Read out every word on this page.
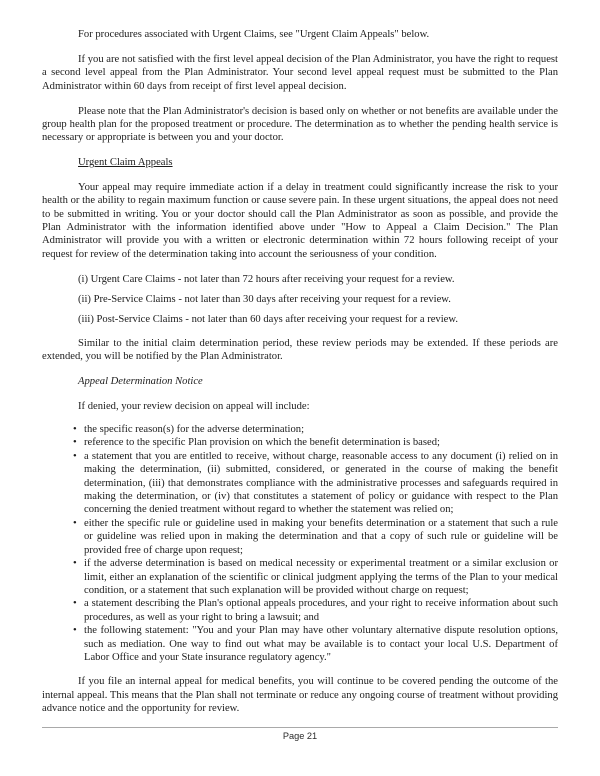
For procedures associated with Urgent Claims, see "Urgent Claim Appeals" below.

If you are not satisfied with the first level appeal decision of the Plan Administrator, you have the right to request a second level appeal from the Plan Administrator. Your second level appeal request must be submitted to the Plan Administrator within 60 days from receipt of first level appeal decision.

Please note that the Plan Administrator's decision is based only on whether or not benefits are available under the group health plan for the proposed treatment or procedure. The determination as to whether the pending health service is necessary or appropriate is between you and your doctor.

Urgent Claim Appeals

Your appeal may require immediate action if a delay in treatment could significantly increase the risk to your health or the ability to regain maximum function or cause severe pain. In these urgent situations, the appeal does not need to be submitted in writing. You or your doctor should call the Plan Administrator as soon as possible, and provide the Plan Administrator with the information identified above under "How to Appeal a Claim Decision." The Plan Administrator will provide you with a written or electronic determination within 72 hours following receipt of your request for review of the determination taking into account the seriousness of your condition.

(i) Urgent Care Claims - not later than 72 hours after receiving your request for a review.
(ii) Pre-Service Claims - not later than 30 days after receiving your request for a review.
(iii) Post-Service Claims - not later than 60 days after receiving your request for a review.

Similar to the initial claim determination period, these review periods may be extended. If these periods are extended, you will be notified by the Plan Administrator.

Appeal Determination Notice

If denied, your review decision on appeal will include:

• the specific reason(s) for the adverse determination;
• reference to the specific Plan provision on which the benefit determination is based;
• a statement that you are entitled to receive, without charge, reasonable access to any document (i) relied on in making the determination, (ii) submitted, considered, or generated in the course of making the benefit determination, (iii) that demonstrates compliance with the administrative processes and safeguards required in making the determination, or (iv) that constitutes a statement of policy or guidance with respect to the Plan concerning the denied treatment without regard to whether the statement was relied on;
• either the specific rule or guideline used in making your benefits determination or a statement that such a rule or guideline was relied upon in making the determination and that a copy of such rule or guideline will be provided free of charge upon request;
• if the adverse determination is based on medical necessity or experimental treatment or a similar exclusion or limit, either an explanation of the scientific or clinical judgment applying the terms of the Plan to your medical condition, or a statement that such explanation will be provided without charge on request;
• a statement describing the Plan's optional appeals procedures, and your right to receive information about such procedures, as well as your right to bring a lawsuit; and
• the following statement: "You and your Plan may have other voluntary alternative dispute resolution options, such as mediation. One way to find out what may be available is to contact your local U.S. Department of Labor Office and your State insurance regulatory agency."

If you file an internal appeal for medical benefits, you will continue to be covered pending the outcome of the internal appeal. This means that the Plan shall not terminate or reduce any ongoing course of treatment without providing advance notice and the opportunity for review.

Page 21
